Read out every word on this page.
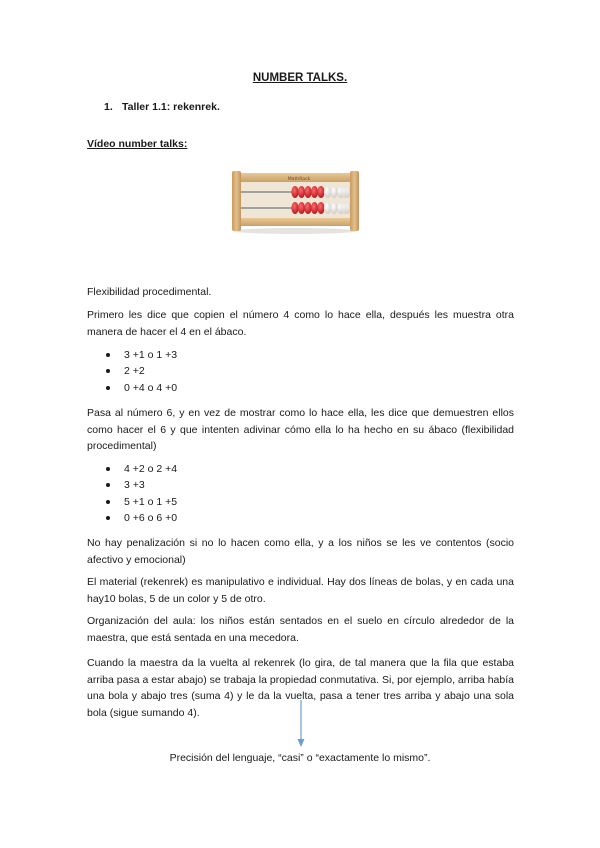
NUMBER TALKS.
1. Taller 1.1: rekenrek.
Vídeo number talks:
MathRack
Flexibilidad procedimental.
Primero les dice que copien el número 4 como lo hace ella, después les muestra otra manera de hacer el 4 en el ábaco.
3 +1 o 1 +3
2 +2
0 +4 o 4 +0
Pasa al número 6, y en vez de mostrar como lo hace ella, les dice que demuestren ellos como hacer el 6 y que intenten adivinar cómo ella lo ha hecho en su ábaco (flexibilidad procedimental)
4 +2 o 2 +4
3 +3
5 +1 o 1 +5
0 +6 o 6 +0
No hay penalización si no lo hacen como ella, y a los niños se les ve contentos (socio afectivo y emocional)
El material (rekenrek) es manipulativo e individual. Hay dos líneas de bolas, y en cada una hay10 bolas, 5 de un color y 5 de otro.
Organización del aula: los niños están sentados en el suelo en círculo alrededor de la maestra, que está sentada en una mecedora.
Cuando la maestra da la vuelta al rekenrek (lo gira, de tal manera que la fila que estaba arriba pasa a estar abajo) se trabaja la propiedad conmutativa. Si, por ejemplo, arriba había una bola y abajo tres (suma 4) y le da la vuelta, pasa a tener tres arriba y abajo una sola bola (sigue sumando 4).
Precisión del lenguaje, “casi” o “exactamente lo mismo”.
